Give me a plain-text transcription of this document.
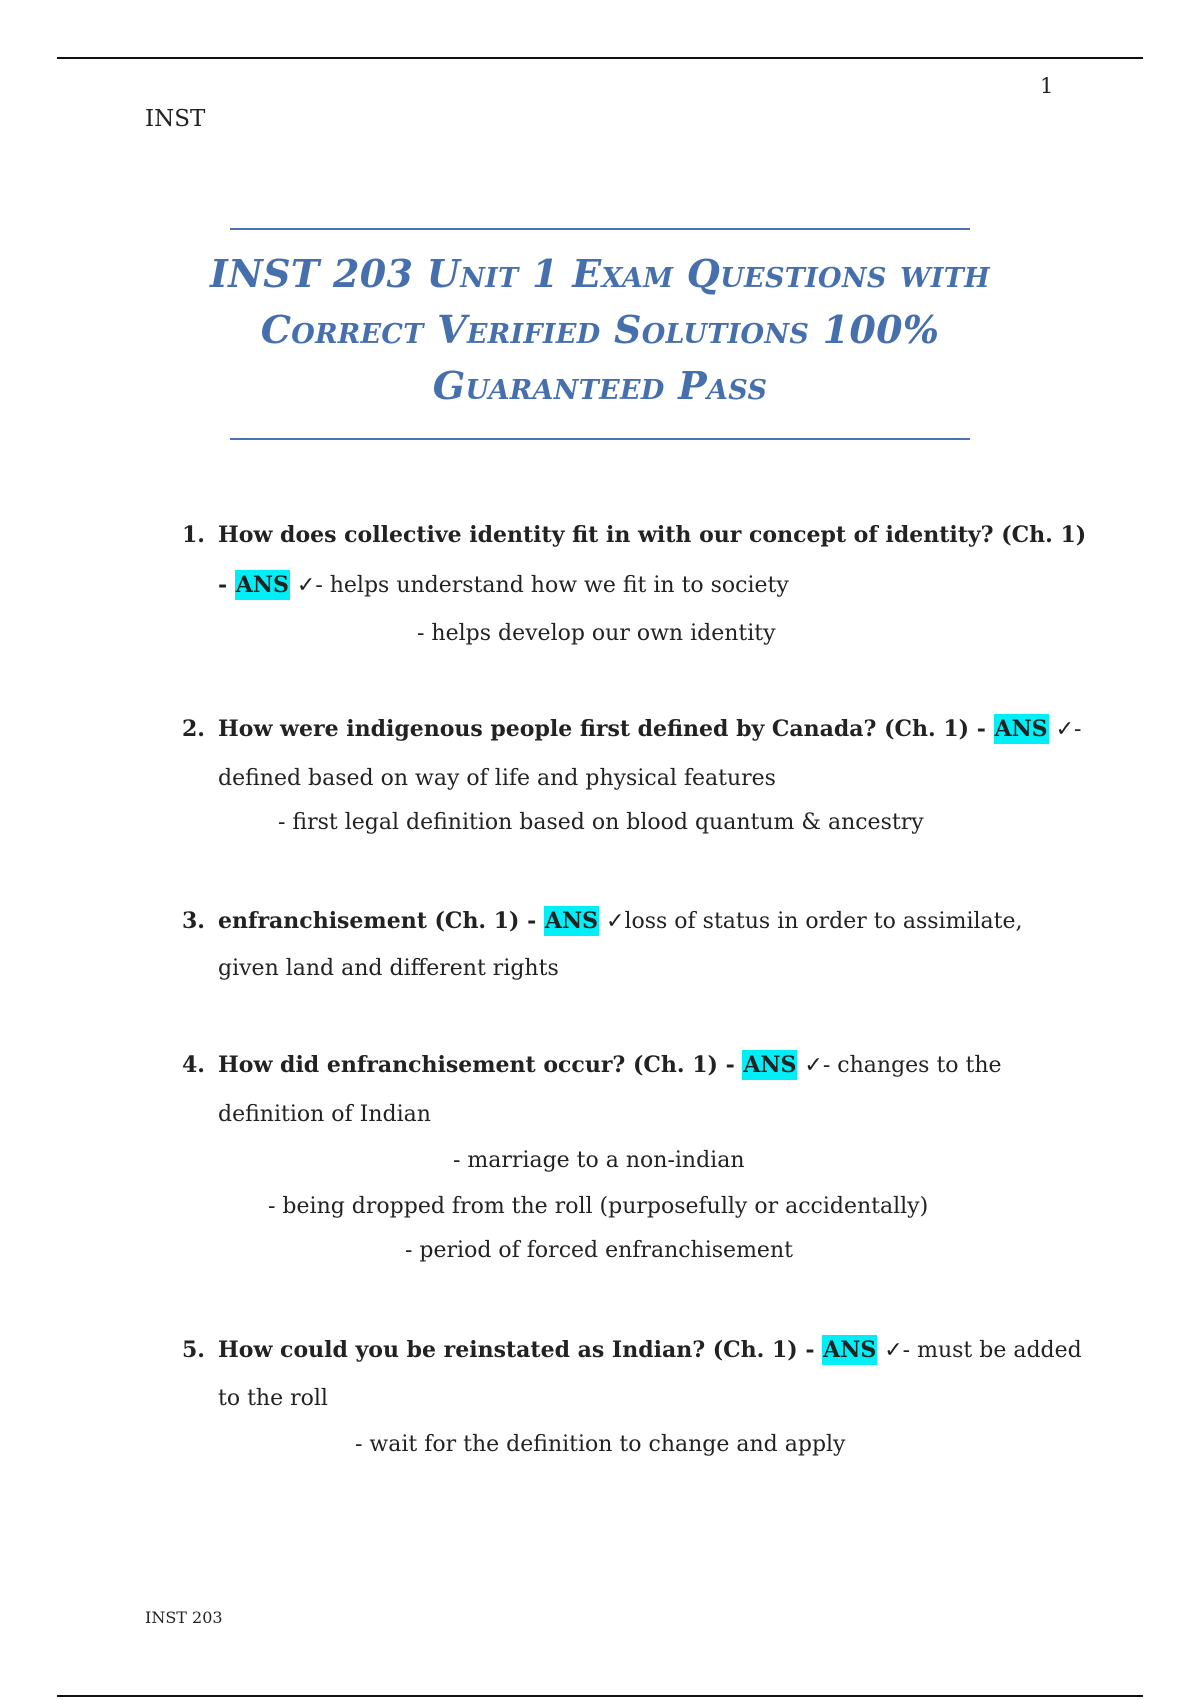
1
INST
INST 203 Unit 1 Exam Questions with
Correct Verified Solutions 100%
Guaranteed Pass
1. How does collective identity fit in with our concept of identity? (Ch. 1)
- ANS ✓- helps understand how we fit in to society
- helps develop our own identity
2. How were indigenous people first defined by Canada? (Ch. 1) - ANS ✓-
defined based on way of life and physical features
- first legal definition based on blood quantum & ancestry
3. enfranchisement (Ch. 1) - ANS ✓loss of status in order to assimilate,
given land and different rights
4. How did enfranchisement occur? (Ch. 1) - ANS ✓- changes to the
definition of Indian
- marriage to a non-indian
- being dropped from the roll (purposefully or accidentally)
- period of forced enfranchisement
5. How could you be reinstated as Indian? (Ch. 1) - ANS ✓- must be added
to the roll
- wait for the definition to change and apply
INST 203
